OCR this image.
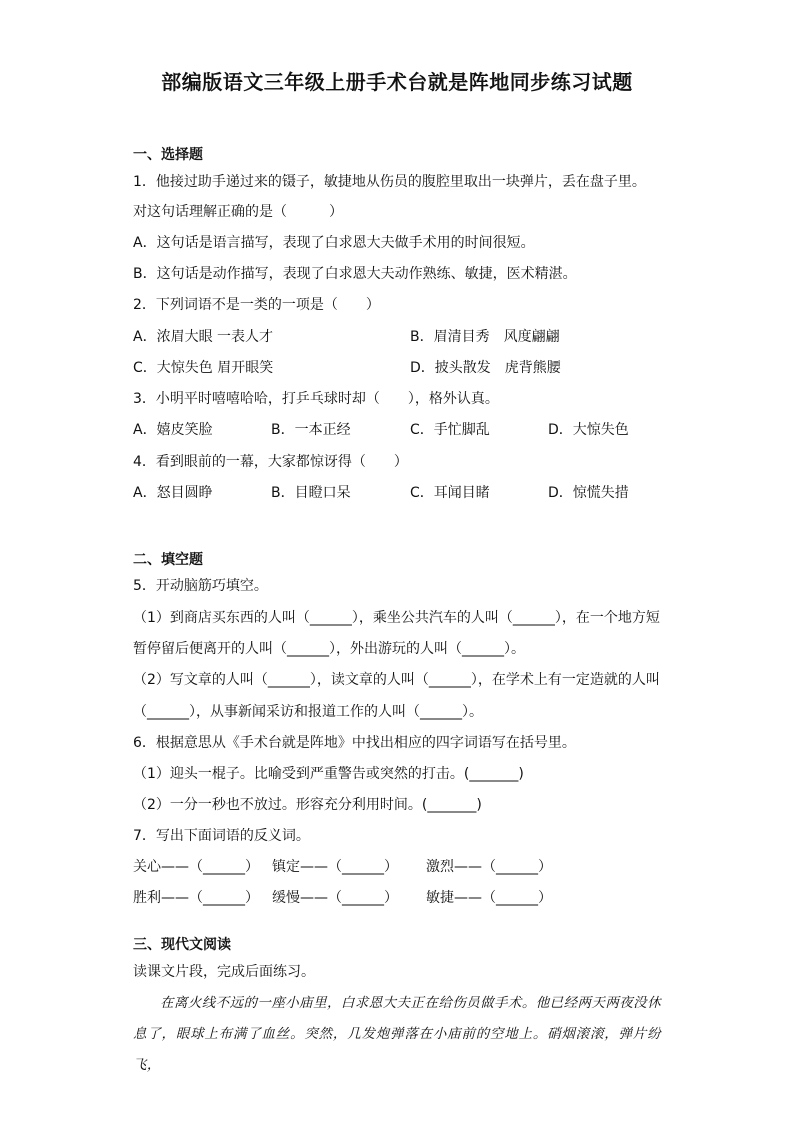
部编版语文三年级上册手术台就是阵地同步练习试题
一、选择题
1．他接过助手递过来的镊子，敏捷地从伤员的腹腔里取出一块弹片，丢在盘子里。
对这句话理解正确的是（　　　）
A．这句话是语言描写，表现了白求恩大夫做手术用的时间很短。
B．这句话是动作描写，表现了白求恩大夫动作熟练、敏捷，医术精湛。
2．下列词语不是一类的一项是（　　）
A．浓眉大眼 一表人才	B．眉清目秀　风度翩翩
C．大惊失色 眉开眼笑	D．披头散发　虎背熊腰
3．小明平时嘻嘻哈哈，打乒乓球时却（　　），格外认真。
A．嬉皮笑脸	B．一本正经	C．手忙脚乱	D．大惊失色
4．看到眼前的一幕，大家都惊讶得（　　）
A．怒目圆睁	B．目瞪口呆	C．耳闻目睹	D．惊慌失措
二、填空题
5．开动脑筋巧填空。
（1）到商店买东西的人叫（______），乘坐公共汽车的人叫（______），在一个地方短
暂停留后便离开的人叫（______），外出游玩的人叫（______）。
（2）写文章的人叫（______），读文章的人叫（______），在学术上有一定造就的人叫
（______），从事新闻采访和报道工作的人叫（______）。
6．根据意思从《手术台就是阵地》中找出相应的四字词语写在括号里。
（1）迎头一棍子。比喻受到严重警告或突然的打击。(_______)
（2）一分一秒也不放过。形容充分利用时间。(_______)
7．写出下面词语的反义词。
关心——（______） 镇定——（______） 激烈——（______）
胜利——（______） 缓慢——（______） 敏捷——（______）
三、现代文阅读
读课文片段，完成后面练习。
在离火线不远的一座小庙里，白求恩大夫正在给伤员做手术。他已经两天两夜没休息了，眼球上布满了血丝。突然，几发炮弹落在小庙前的空地上。硝烟滚滚，弹片纷飞，
